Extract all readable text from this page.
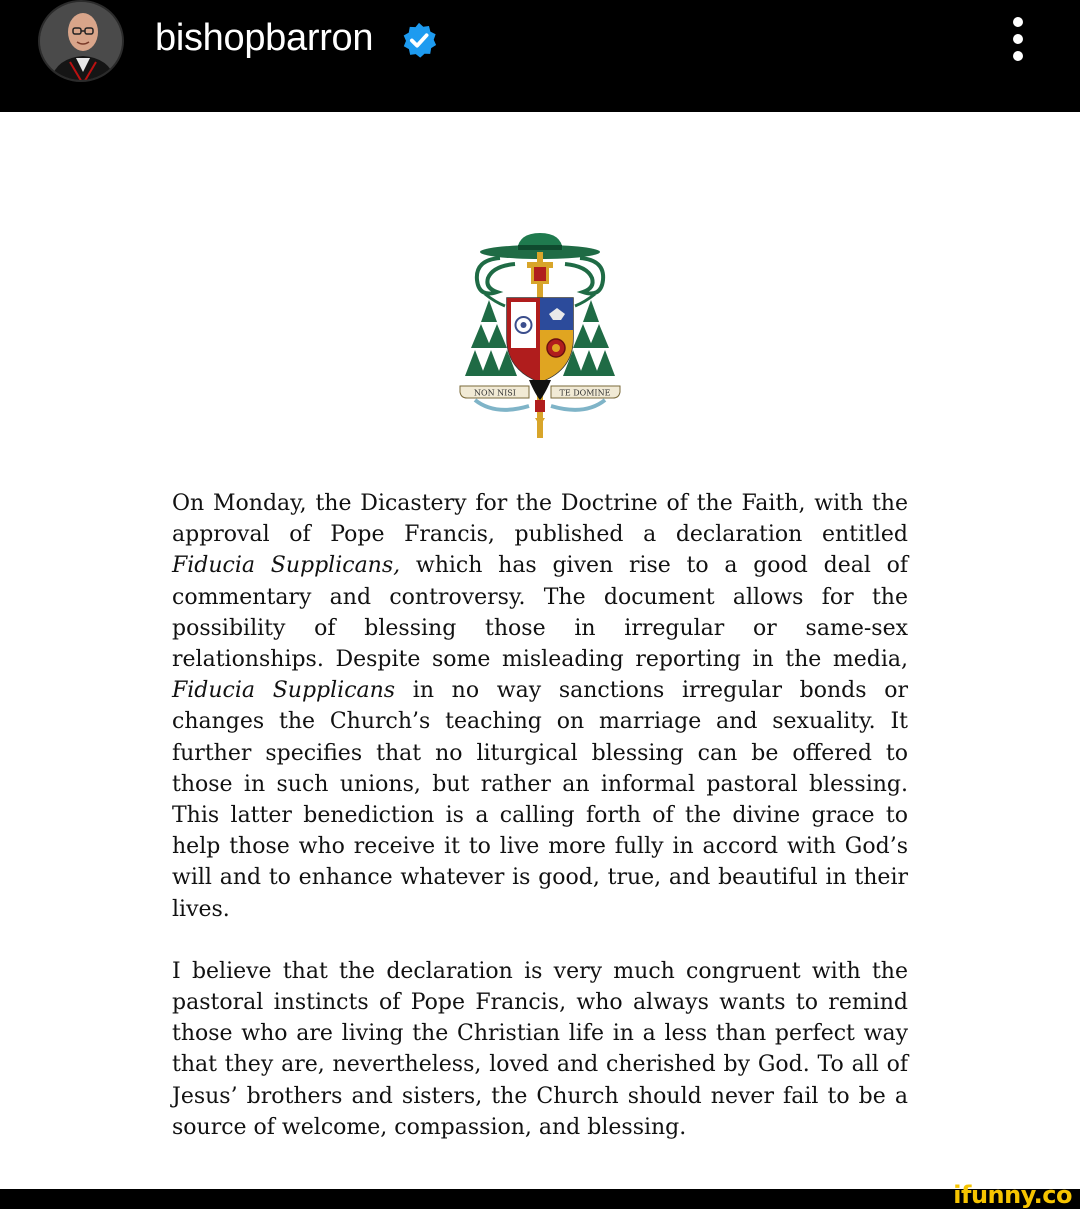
bishopbarron
NON NISI	TE DOMINE

On Monday, the Dicastery for the Doctrine of the Faith, with the approval of Pope Francis, published a declaration entitled Fiducia Supplicans, which has given rise to a good deal of commentary and controversy. The document allows for the possibility of blessing those in irregular or same-sex relationships. Despite some misleading reporting in the media, Fiducia Supplicans in no way sanctions irregular bonds or changes the Church’s teaching on marriage and sexuality. It further specifies that no liturgical blessing can be offered to those in such unions, but rather an informal pastoral blessing. This latter benediction is a calling forth of the divine grace to help those who receive it to live more fully in accord with God’s will and to enhance whatever is good, true, and beautiful in their lives.

I believe that the declaration is very much congruent with the pastoral instincts of Pope Francis, who always wants to remind those who are living the Christian life in a less than perfect way that they are, nevertheless, loved and cherished by God. To all of Jesus’ brothers and sisters, the Church should never fail to be a source of welcome, compassion, and blessing.

ifunny.co
